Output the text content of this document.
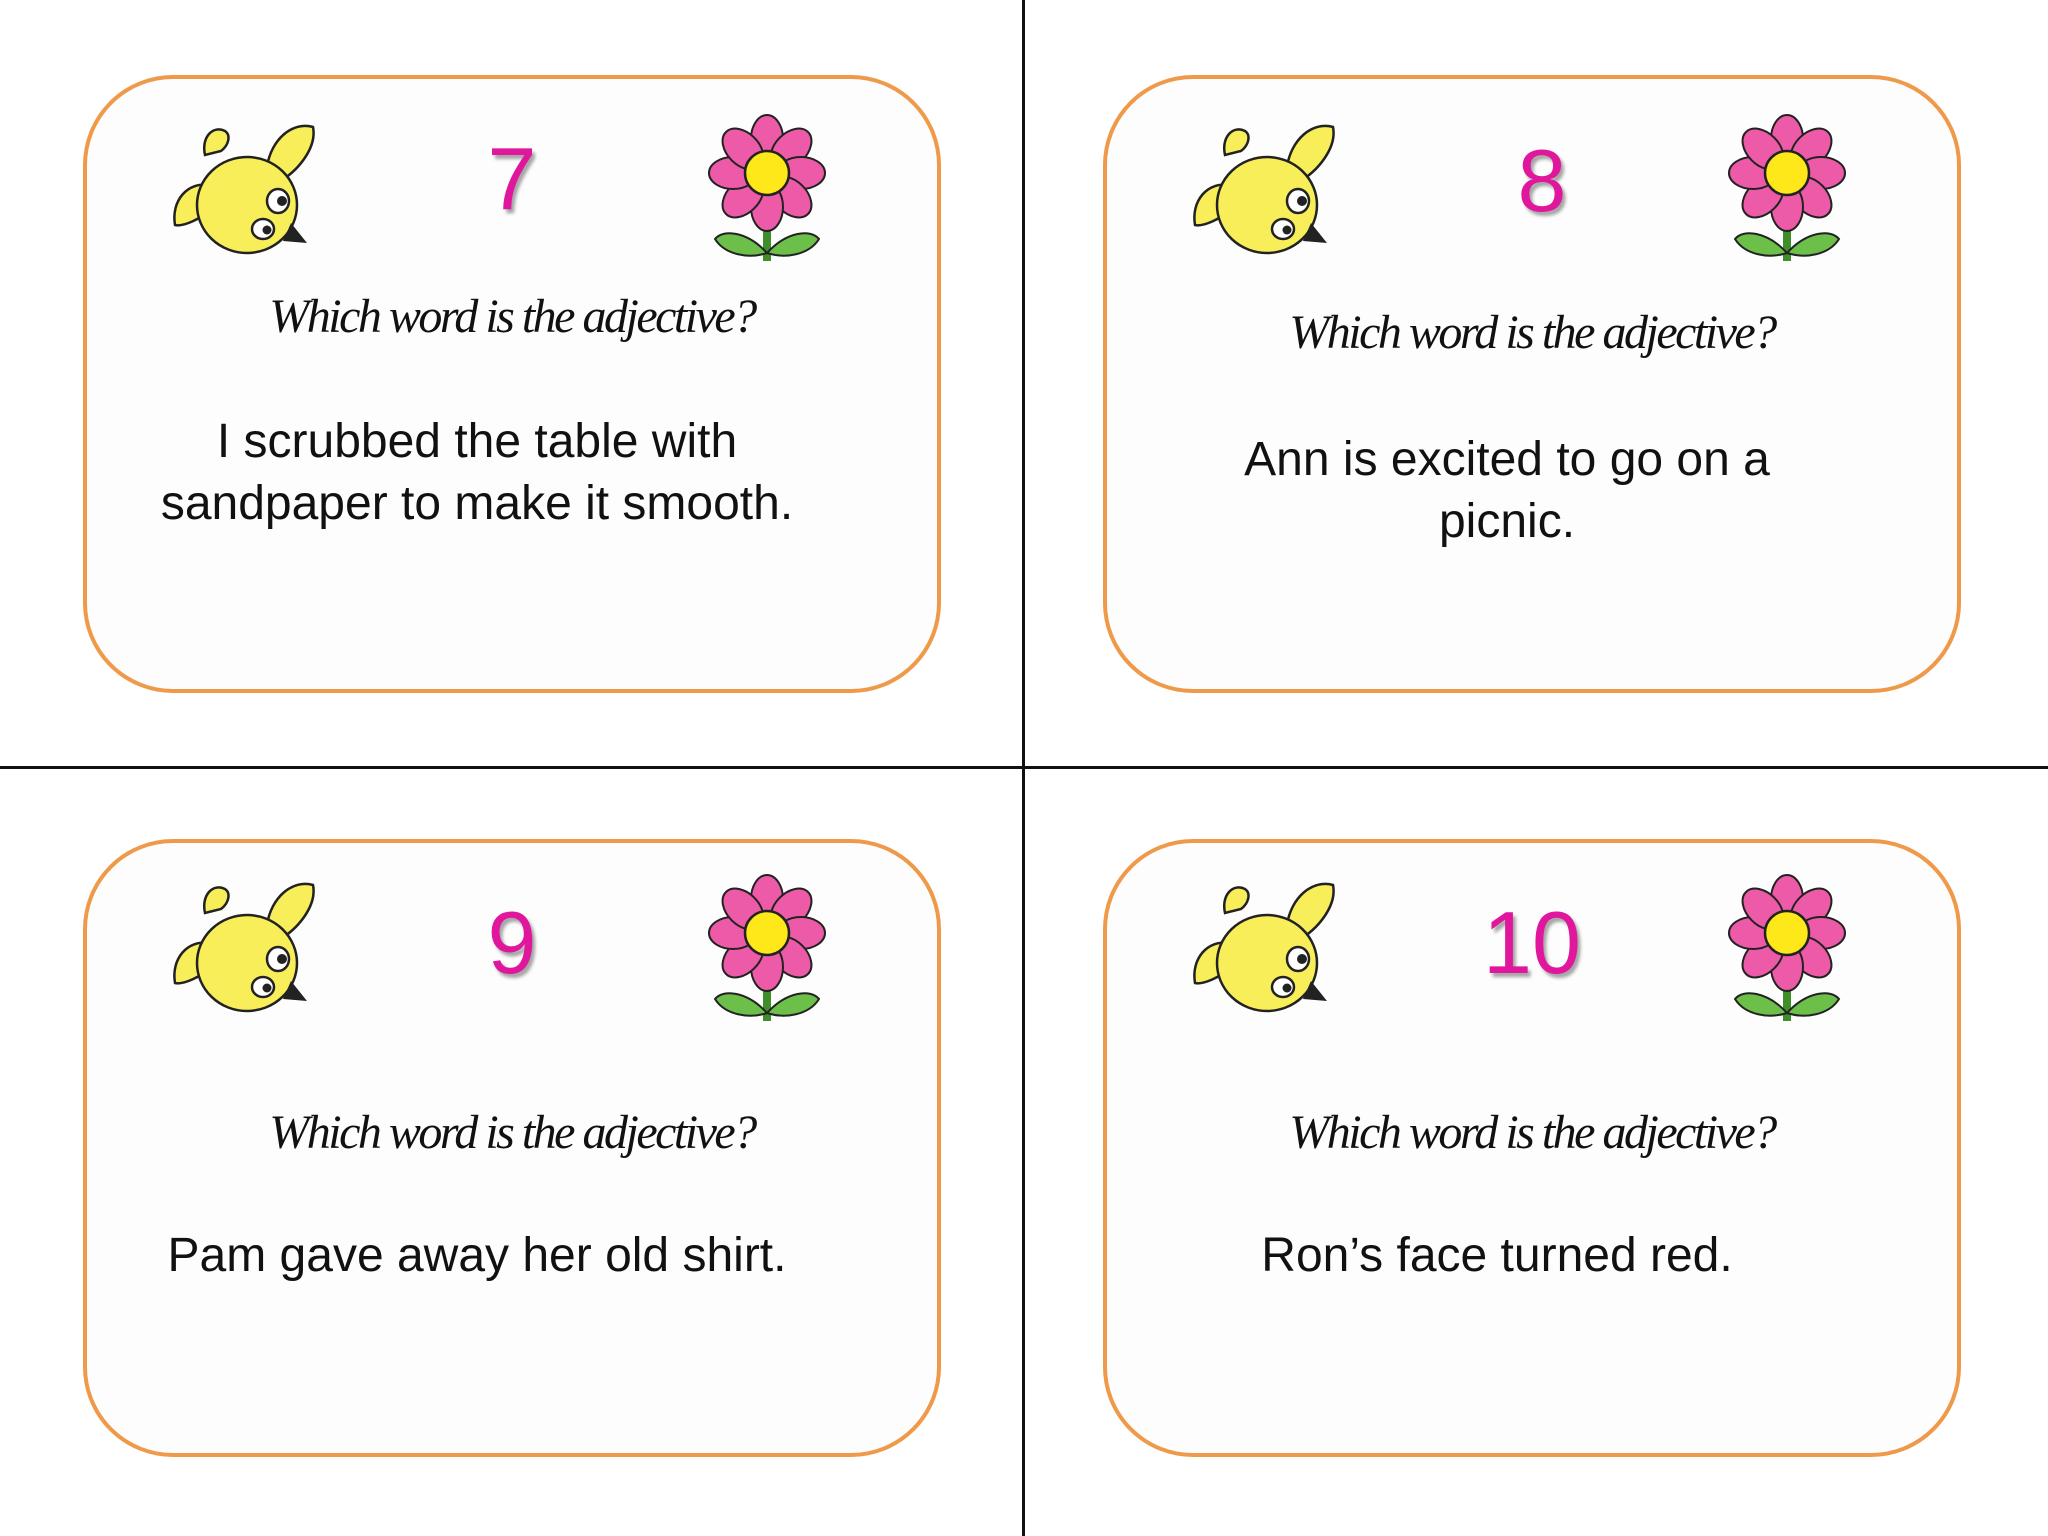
7
Which word is the adjective?
I scrubbed the table with sandpaper to make it smooth.
8
Which word is the adjective?
Ann is excited to go on a picnic.
9
Which word is the adjective?
Pam gave away her old shirt.
10
Which word is the adjective?
Ron’s face turned red.
